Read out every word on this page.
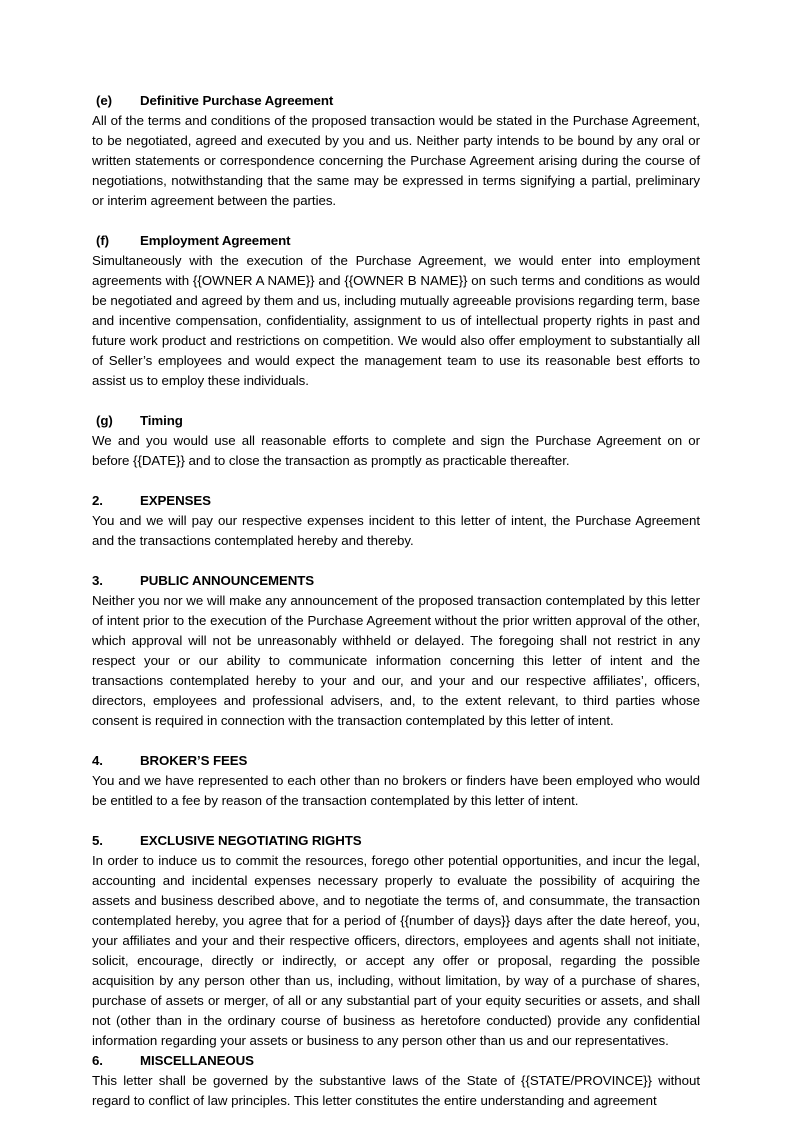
(e) Definitive Purchase Agreement

All of the terms and conditions of the proposed transaction would be stated in the Purchase Agreement, to be negotiated, agreed and executed by you and us. Neither party intends to be bound by any oral or written statements or correspondence concerning the Purchase Agreement arising during the course of negotiations, notwithstanding that the same may be expressed in terms signifying a partial, preliminary or interim agreement between the parties.

(f) Employment Agreement

Simultaneously with the execution of the Purchase Agreement, we would enter into employment agreements with {{OWNER A NAME}} and {{OWNER B NAME}} on such terms and conditions as would be negotiated and agreed by them and us, including mutually agreeable provisions regarding term, base and incentive compensation, confidentiality, assignment to us of intellectual property rights in past and future work product and restrictions on competition. We would also offer employment to substantially all of Seller’s employees and would expect the management team to use its reasonable best efforts to assist us to employ these individuals.

(g) Timing

We and you would use all reasonable efforts to complete and sign the Purchase Agreement on or before {{DATE}} and to close the transaction as promptly as practicable thereafter.

2.	EXPENSES

You and we will pay our respective expenses incident to this letter of intent, the Purchase Agreement and the transactions contemplated hereby and thereby.

3.	PUBLIC ANNOUNCEMENTS

Neither you nor we will make any announcement of the proposed transaction contemplated by this letter of intent prior to the execution of the Purchase Agreement without the prior written approval of the other, which approval will not be unreasonably withheld or delayed. The foregoing shall not restrict in any respect your or our ability to communicate information concerning this letter of intent and the transactions contemplated hereby to your and our, and your and our respective affiliates’, officers, directors, employees and professional advisers, and, to the extent relevant, to third parties whose consent is required in connection with the transaction contemplated by this letter of intent.

4.	BROKER’S FEES

You and we have represented to each other than no brokers or finders have been employed who would be entitled to a fee by reason of the transaction contemplated by this letter of intent.

5.	EXCLUSIVE NEGOTIATING RIGHTS

In order to induce us to commit the resources, forego other potential opportunities, and incur the legal, accounting and incidental expenses necessary properly to evaluate the possibility of acquiring the assets and business described above, and to negotiate the terms of, and consummate, the transaction contemplated hereby, you agree that for a period of {{number of days}} days after the date hereof, you, your affiliates and your and their respective officers, directors, employees and agents shall not initiate, solicit, encourage, directly or indirectly, or accept any offer or proposal, regarding the possible acquisition by any person other than us, including, without limitation, by way of a purchase of shares, purchase of assets or merger, of all or any substantial part of your equity securities or assets, and shall not (other than in the ordinary course of business as heretofore conducted) provide any confidential information regarding your assets or business to any person other than us and our representatives.

6.	MISCELLANEOUS

This letter shall be governed by the substantive laws of the State of {{STATE/PROVINCE}} without regard to conflict of law principles. This letter constitutes the entire understanding and agreement
